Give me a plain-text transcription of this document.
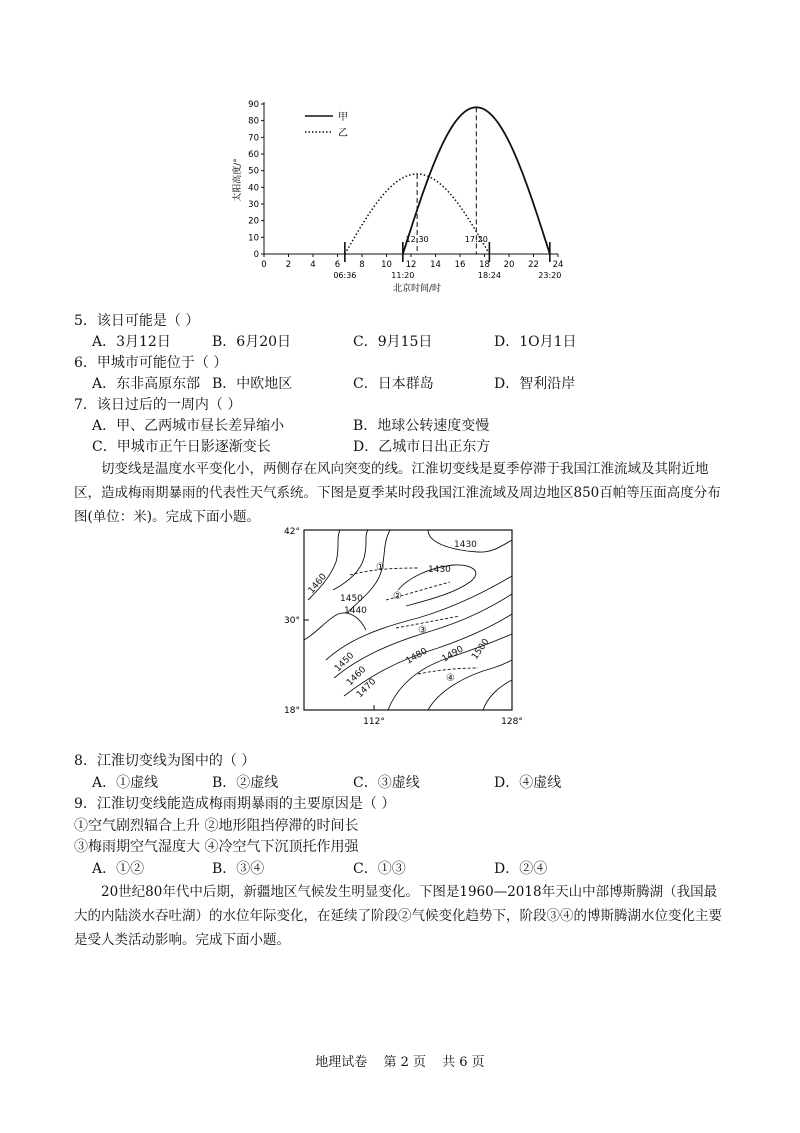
0
10
20
30
40
50
60
70
80
90
0 2 4 6 8 10 12 14 16 18 20 22 24
12:30	17:20
06:36	11:20	18:24	23:20
甲
乙
太阳高度/°
北京时间/时
5．该日可能是（ ）
A．3月12日	B．6月20日	C．9月15日	D．1O月1日
6．甲城市可能位于（ ）
A．东非高原东部 B．中欧地区	C．日本群岛	D．智利沿岸
7．该日过后的一周内（ ）
A．甲、乙两城市昼长差异缩小	B．地球公转速度变慢
C．甲城市正午日影逐渐变长	D．乙城市日出正东方
切变线是温度水平变化小，两侧存在风向突变的线。江淮切变线是夏季停滞于我国江淮流域及其附近地区，造成梅雨期暴雨的代表性天气系统。下图是夏季某时段我国江淮流域及周边地区850百帕等压面高度分布图(单位：米)。完成下面小题。
42°
30°
18°
112°	128°
1430
1430
1460
1450
1440
1450
1460
1470
1480 1490 1500
①
②
③
④
8．江淮切变线为图中的（ ）
A．①虚线	B．②虚线	C．③虚线	D．④虚线
9．江淮切变线能造成梅雨期暴雨的主要原因是（ ）
①空气剧烈辐合上升 ②地形阻挡停滞的时间长
③梅雨期空气湿度大 ④冷空气下沉顶托作用强
A．①②	B．③④	C．①③	D．②④
20世纪80年代中后期，新疆地区气候发生明显变化。下图是1960—2018年天山中部博斯腾湖（我国最大的内陆淡水吞吐湖）的水位年际变化，在延续了阶段②气候变化趋势下，阶段③④的博斯腾湖水位变化主要是受人类活动影响。完成下面小题。
地理试卷 第 2 页 共 6 页
